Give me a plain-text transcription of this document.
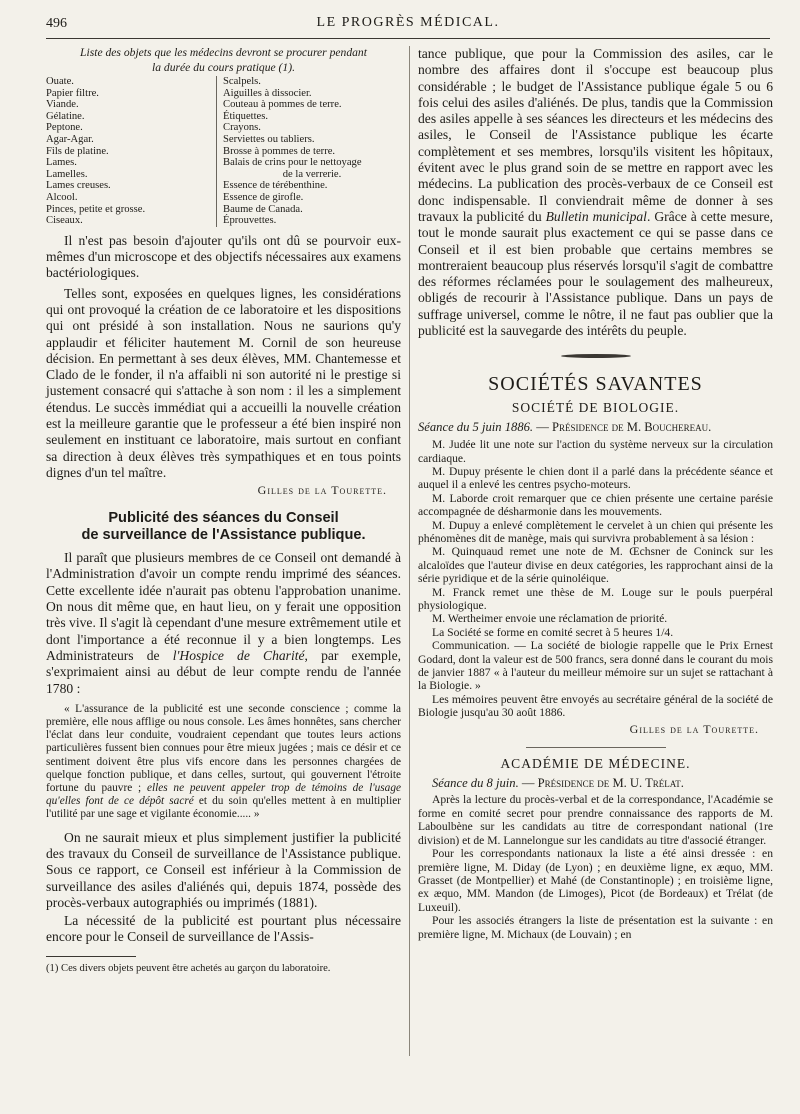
496	LE PROGRÈS MÉDICAL.

Liste des objets que les médecins devront se procurer pendant

la durée du cours pratique (1).

Ouate.
Papier filtre.
Viande.
Gélatine.
Peptone.
Agar-Agar.
Fils de platine.
Lames.
Lamelles.
Lames creuses.
Alcool.
Pinces, petite et grosse.
Ciseaux.
Scalpels.
Aiguilles à dissocier.
Couteau à pommes de terre.
Étiquettes.
Crayons.
Serviettes ou tabliers.
Brosse à pommes de terre.
Balais de crins pour le nettoyage
de la verrerie.
Essence de térébenthine.
Essence de girofle.
Baume de Canada.
Éprouvettes.

Il n'est pas besoin d'ajouter qu'ils ont dû se pourvoir eux-mêmes d'un microscope et des objectifs nécessaires aux examens bactériologiques.

Telles sont, exposées en quelques lignes, les considérations qui ont provoqué la création de ce laboratoire et les dispositions qui ont présidé à son installation. Nous ne saurions qu'y applaudir et féliciter hautement M. Cornil de son heureuse décision. En permettant à ses deux élèves, MM. Chantemesse et Clado de le fonder, il n'a affaibli ni son autorité ni le prestige si justement consacré qui s'attache à son nom : il les a simplement étendus. Le succès immédiat qui a accueilli la nouvelle création est la meilleure garantie que le professeur a été bien inspiré non seulement en instituant ce laboratoire, mais surtout en confiant sa direction à deux élèves très sympathiques et en tous points dignes d'un tel maître.

Gilles de la Tourette.

Publicité des séances du Conseil
de surveillance de l'Assistance publique.

Il paraît que plusieurs membres de ce Conseil ont demandé à l'Administration d'avoir un compte rendu imprimé des séances. Cette excellente idée n'aurait pas obtenu l'approbation unanime. On nous dit même que, en haut lieu, on y ferait une opposition très vive. Il s'agit là cependant d'une mesure extrêmement utile et dont l'importance a été reconnue il y a bien longtemps. Les Administrateurs de l'Hospice de Charité, par exemple, s'exprimaient ainsi au début de leur compte rendu de l'année 1780 :

« L'assurance de la publicité est une seconde conscience ; comme la première, elle nous afflige ou nous console. Les âmes honnêtes, sans chercher l'éclat dans leur conduite, voudraient cependant que toutes leurs actions particulières fussent bien connues pour être mieux jugées ; mais ce désir et ce sentiment doivent être plus vifs encore dans les personnes chargées de quelque fonction publique, et dans celles, surtout, qui gouvernent l'étroite fortune du pauvre ; elles ne peuvent appeler trop de témoins de l'usage qu'elles font de ce dépôt sacré et du soin qu'elles mettent à en multiplier l'utilité par une sage et vigilante économie..... »

On ne saurait mieux et plus simplement justifier la publicité des travaux du Conseil de surveillance de l'Assistance publique. Sous ce rapport, ce Conseil est inférieur à la Commission de surveillance des asiles d'aliénés qui, depuis 1874, possède des procès-verbaux autographiés ou imprimés (1881).

La nécessité de la publicité est pourtant plus nécessaire encore pour le Conseil de surveillance de l'Assis-

(1) Ces divers objets peuvent être achetés au garçon du laboratoire.

tance publique, que pour la Commission des asiles, car le nombre des affaires dont il s'occupe est beaucoup plus considérable ; le budget de l'Assistance publique égale 5 ou 6 fois celui des asiles d'aliénés. De plus, tandis que la Commission des asiles appelle à ses séances les directeurs et les médecins des asiles, le Conseil de l'Assistance publique les écarte complètement et ses membres, lorsqu'ils visitent les hôpitaux, évitent avec le plus grand soin de se mettre en rapport avec les médecins. La publication des procès-verbaux de ce Conseil est donc indispensable. Il conviendrait même de donner à ses travaux la publicité du Bulletin municipal. Grâce à cette mesure, tout le monde saurait plus exactement ce qui se passe dans ce Conseil et il est bien probable que certains membres se montreraient beaucoup plus réservés lorsqu'il s'agit de combattre des réformes réclamées pour le soulagement des malheureux, obligés de recourir à l'Assistance publique. Dans un pays de suffrage universel, comme le nôtre, il ne faut pas oublier que la publicité est la sauvegarde des intérêts du peuple.

SOCIÉTÉS SAVANTES
SOCIÉTÉ DE BIOLOGIE.

Séance du 5 juin 1886. — Présidence de M. Bouchereau.

M. Judée lit une note sur l'action du système nerveux sur la circulation cardiaque.

M. Dupuy présente le chien dont il a parlé dans la précédente séance et auquel il a enlevé les centres psycho-moteurs.

M. Laborde croit remarquer que ce chien présente une certaine parésie accompagnée de désharmonie dans les mouvements.

M. Dupuy a enlevé complètement le cervelet à un chien qui présente les phénomènes dit de manège, mais qui survivra probablement à sa lésion :

M. Quinquaud remet une note de M. Œchsner de Coninck sur les alcaloïdes que l'auteur divise en deux catégories, les rapprochant ainsi de la série pyridique et de la série quinoléique.

M. Franck remet une thèse de M. Louge sur le pouls puerpéral physiologique.

M. Wertheimer envoie une réclamation de priorité.

La Société se forme en comité secret à 5 heures 1/4.

Communication. — La société de biologie rappelle que le Prix Ernest Godard, dont la valeur est de 500 francs, sera donné dans le courant du mois de janvier 1887 « à l'auteur du meilleur mémoire sur un sujet se rattachant à la Biologie. »

Les mémoires peuvent être envoyés au secrétaire général de la société de Biologie jusqu'au 30 août 1886.

Gilles de la Tourette.

ACADÉMIE DE MÉDECINE.

Séance du 8 juin. — Présidence de M. U. Trélat.

Après la lecture du procès-verbal et de la correspondance, l'Académie se forme en comité secret pour prendre connaissance des rapports de M. Laboulbène sur les candidats au titre de correspondant national (1re division) et de M. Lannelongue sur les candidats au titre d'associé étranger.

Pour les correspondants nationaux la liste a été ainsi dressée : en première ligne, M. Diday (de Lyon) ; en deuxième ligne, ex æquo, MM. Grasset (de Montpellier) et Mahé (de Constantinople) ; en troisième ligne, ex æquo, MM. Mandon (de Limoges), Picot (de Bordeaux) et Trélat (de Luxeuil).

Pour les associés étrangers la liste de présentation est la suivante : en première ligne, M. Michaux (de Louvain) ; en
